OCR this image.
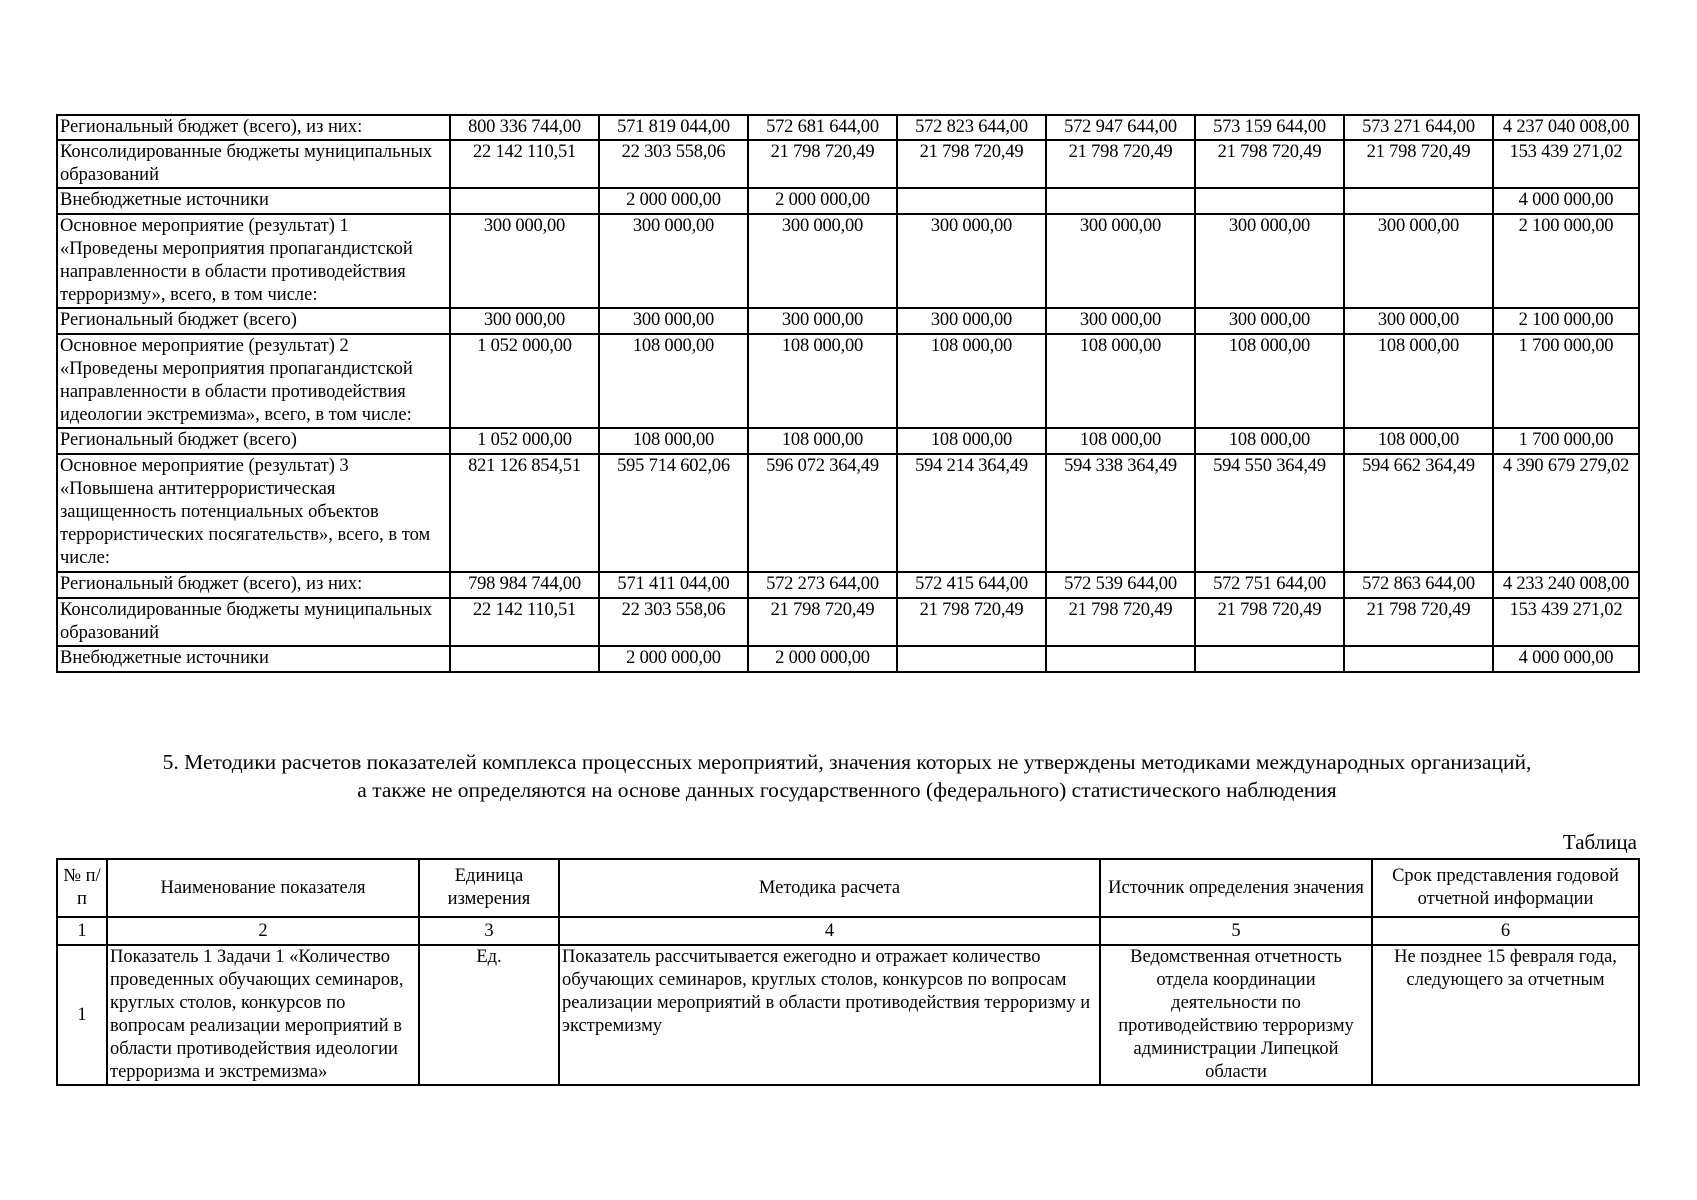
Региональный бюджет (всего), из них:	800 336 744,00	571 819 044,00	572 681 644,00	572 823 644,00	572 947 644,00	573 159 644,00	573 271 644,00	4 237 040 008,00
Консолидированные бюджеты муниципальных образований	22 142 110,51	22 303 558,06	21 798 720,49	21 798 720,49	21 798 720,49	21 798 720,49	21 798 720,49	153 439 271,02
Внебюджетные источники		2 000 000,00	2 000 000,00					4 000 000,00
Основное мероприятие (результат) 1 «Проведены мероприятия пропагандистской направленности в области противодействия терроризму», всего, в том числе:	300 000,00	300 000,00	300 000,00	300 000,00	300 000,00	300 000,00	300 000,00	2 100 000,00
Региональный бюджет (всего)	300 000,00	300 000,00	300 000,00	300 000,00	300 000,00	300 000,00	300 000,00	2 100 000,00
Основное мероприятие (результат) 2 «Проведены мероприятия пропагандистской направленности в области противодействия идеологии экстремизма», всего, в том числе:	1 052 000,00	108 000,00	108 000,00	108 000,00	108 000,00	108 000,00	108 000,00	1 700 000,00
Региональный бюджет (всего)	1 052 000,00	108 000,00	108 000,00	108 000,00	108 000,00	108 000,00	108 000,00	1 700 000,00
Основное мероприятие (результат) 3 «Повышена антитеррористическая защищенность потенциальных объектов террористических посягательств», всего, в том числе:	821 126 854,51	595 714 602,06	596 072 364,49	594 214 364,49	594 338 364,49	594 550 364,49	594 662 364,49	4 390 679 279,02
Региональный бюджет (всего), из них:	798 984 744,00	571 411 044,00	572 273 644,00	572 415 644,00	572 539 644,00	572 751 644,00	572 863 644,00	4 233 240 008,00
Консолидированные бюджеты муниципальных образований	22 142 110,51	22 303 558,06	21 798 720,49	21 798 720,49	21 798 720,49	21 798 720,49	21 798 720,49	153 439 271,02
Внебюджетные источники		2 000 000,00	2 000 000,00					4 000 000,00
5. Методики расчетов показателей комплекса процессных мероприятий, значения которых не утверждены методиками международных организаций,
а также не определяются на основе данных государственного (федерального) статистического наблюдения
Таблица
№ п/п	Наименование показателя	Единица измерения	Методика расчета	Источник определения значения	Срок представления годовой отчетной информации
1	2	3	4	5	6
1	Показатель 1 Задачи 1 «Количество проведенных обучающих семинаров, круглых столов, конкурсов по вопросам реализации мероприятий в области противодействия идеологии терроризма и экстремизма»	Ед.	Показатель рассчитывается ежегодно и отражает количество обучающих семинаров, круглых столов, конкурсов по вопросам реализации мероприятий в области противодействия терроризму и экстремизму	Ведомственная отчетность отдела координации деятельности по противодействию терроризму администрации Липецкой области	Не позднее 15 февраля года, следующего за отчетным
